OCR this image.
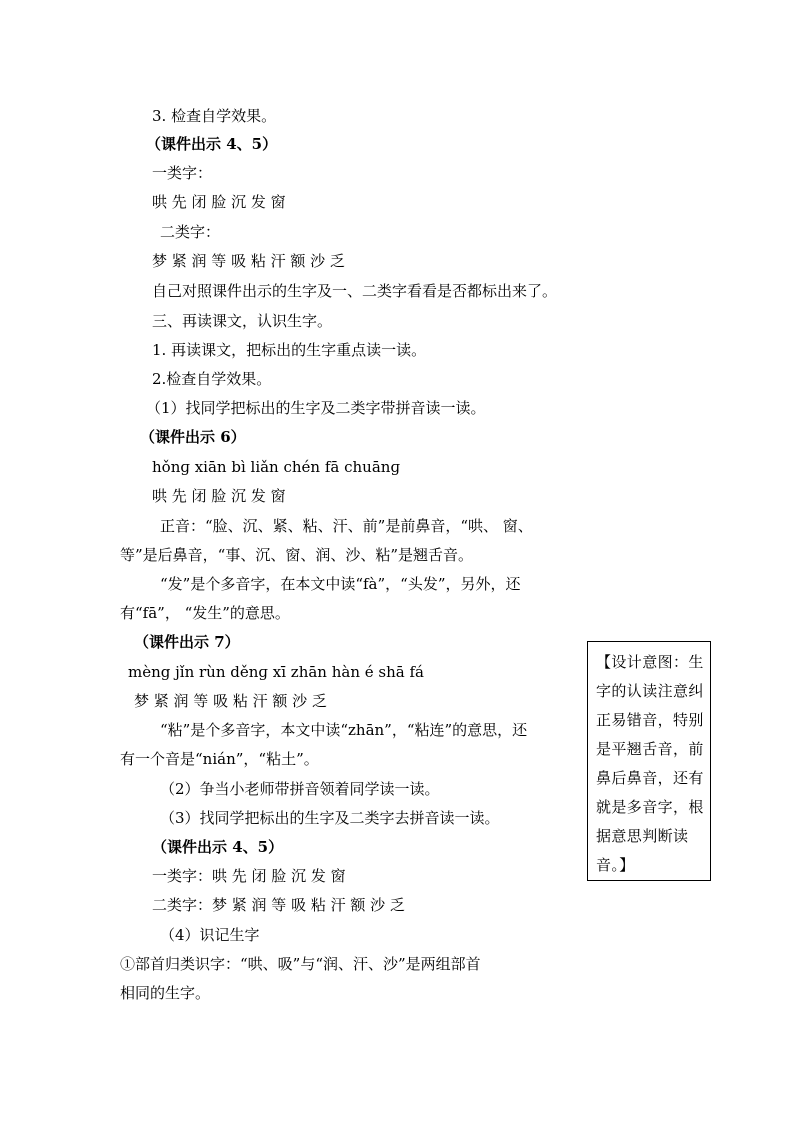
3. 检查自学效果。
（课件出示 4、5）
一类字：
哄 先 闭 脸 沉 发 窗
二类字：
梦 紧 润 等 吸 粘 汗 额 沙 乏
自己对照课件出示的生字及一、二类字看看是否都标出来了。
三、再读课文，认识生字。
1. 再读课文，把标出的生字重点读一读。
2.检查自学效果。
（1）找同学把标出的生字及二类字带拼音读一读。
（课件出示 6）
hǒnɡ xiān bì liǎn chén fā chuānɡ
哄 先 闭 脸 沉 发 窗
正音：“脸、沉、紧、粘、汗、前”是前鼻音，“哄、 窗、
等”是后鼻音，“事、沉、窗、润、沙、粘”是翘舌音。
“发”是个多音字，在本文中读“fà”，“头发”，另外，还
有“fā”， “发生”的意思。
（课件出示 7）
mèng jǐn rùn děnɡ xī zhān hàn é shā fá
梦 紧 润 等 吸 粘 汗 额 沙 乏
“粘”是个多音字，本文中读“zhān”，“粘连”的意思，还
有一个音是“nián”，“粘土”。
（2）争当小老师带拼音领着同学读一读。
（3）找同学把标出的生字及二类字去拼音读一读。
（课件出示 4、5）
一类字：哄 先 闭 脸 沉 发 窗
二类字：梦 紧 润 等 吸 粘 汗 额 沙 乏
（4）识记生字
①部首归类识字：“哄、吸”与“润、汗、沙”是两组部首
相同的生字。
【设计意图：生字的认读注意纠正易错音，特别是平翘舌音，前鼻后鼻音，还有就是多音字，根据意思判断读音。】
